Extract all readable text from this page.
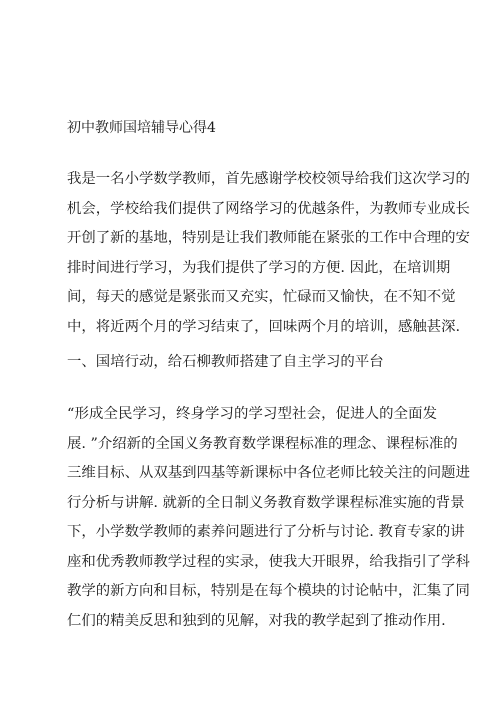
初中教师国培辅导心得4
我是一名小学数学教师，首先感谢学校校领导给我们这次学习的
机会，学校给我们提供了网络学习的优越条件，为教师专业成长
开创了新的基地，特别是让我们教师能在紧张的工作中合理的安
排时间进行学习，为我们提供了学习的方便. 因此，在培训期
间，每天的感觉是紧张而又充实，忙碌而又愉快，在不知不觉
中，将近两个月的学习结束了，回味两个月的培训，感触甚深.
一、国培行动，给石柳教师搭建了自主学习的平台
“形成全民学习，终身学习的学习型社会，促进人的全面发
展. ”介绍新的全国义务教育数学课程标准的理念、课程标准的
三维目标、从双基到四基等新课标中各位老师比较关注的问题进
行分析与讲解. 就新的全日制义务教育数学课程标准实施的背景
下，小学数学教师的素养问题进行了分析与讨论. 教育专家的讲
座和优秀教师教学过程的实录，使我大开眼界，给我指引了学科
教学的新方向和目标，特别是在每个模块的讨论帖中，汇集了同
仁们的精美反思和独到的见解，对我的教学起到了推动作用.
